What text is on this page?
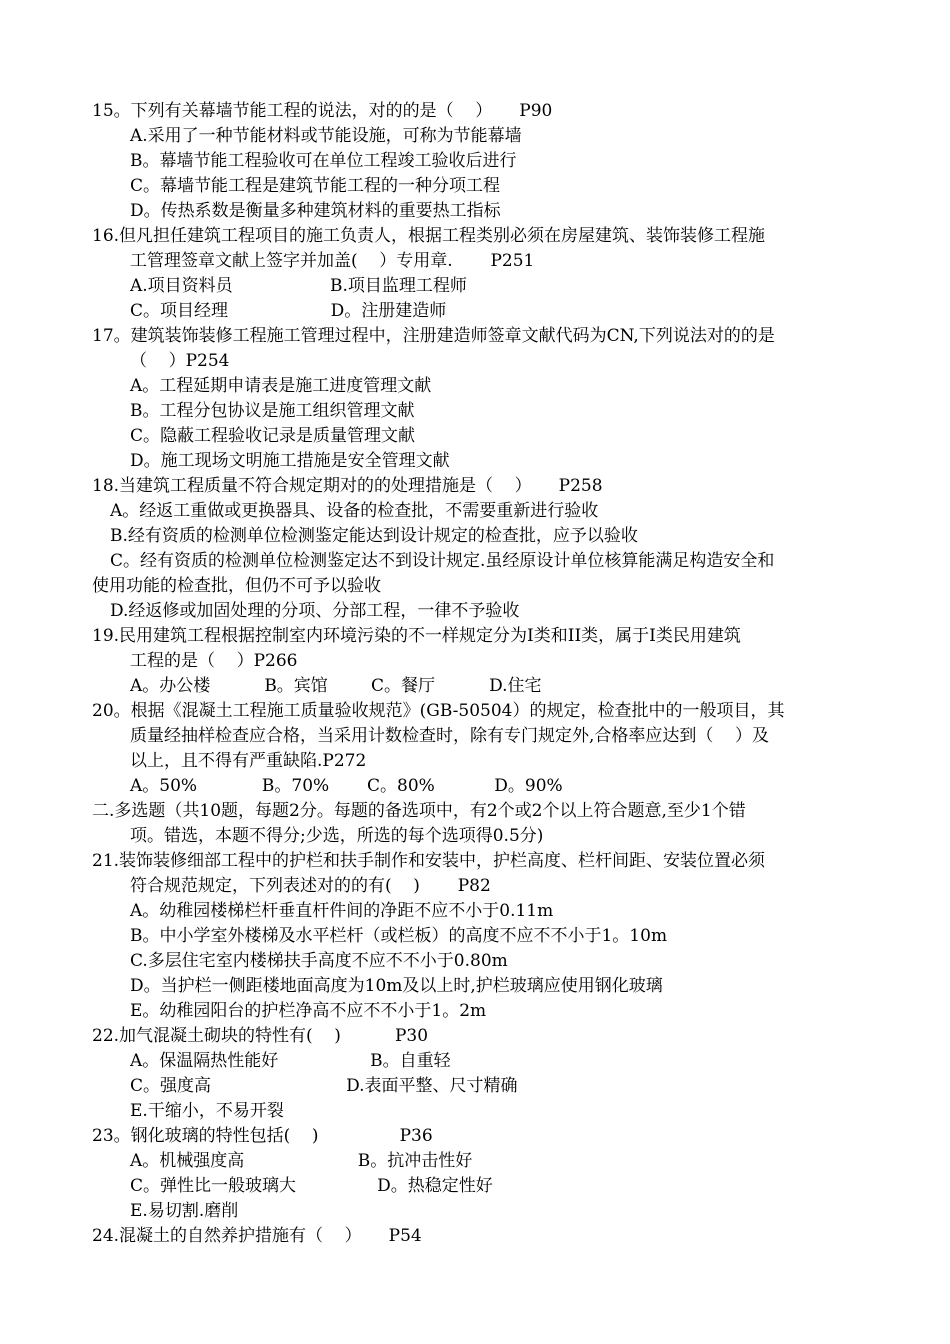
15。下列有关幕墙节能工程的说法，对的的是（    ）     P90
A.采用了一种节能材料或节能设施，可称为节能幕墙
B。幕墙节能工程验收可在单位工程竣工验收后进行
C。幕墙节能工程是建筑节能工程的一种分项工程
D。传热系数是衡量多种建筑材料的重要热工指标
16.但凡担任建筑工程项目的施工负责人，根据工程类别必须在房屋建筑、装饰装修工程施
工管理签章文献上签字并加盖(    ）专用章.       P251
A.项目资料员                  B.项目监理工程师
C。项目经理                   D。注册建造师
17。建筑装饰装修工程施工管理过程中，注册建造师签章文献代码为CN,下列说法对的的是
（    ）P254
A。工程延期申请表是施工进度管理文献
B。工程分包协议是施工组织管理文献
C。隐蔽工程验收记录是质量管理文献
D。施工现场文明施工措施是安全管理文献
18.当建筑工程质量不符合规定期对的的处理措施是（    ）     P258
A。经返工重做或更换器具、设备的检查批，不需要重新进行验收
B.经有资质的检测单位检测鉴定能达到设计规定的检查批，应予以验收
C。经有资质的检测单位检测鉴定达不到设计规定.虽经原设计单位核算能满足构造安全和
使用功能的检查批，但仍不可予以验收
D.经返修或加固处理的分项、分部工程，一律不予验收
19.民用建筑工程根据控制室内环境污染的不一样规定分为I类和II类，属于I类民用建筑
工程的是（    ）P266
A。办公楼          B。宾馆        C。餐厅          D.住宅
20。根据《混凝土工程施工质量验收规范》(GB-50504）的规定，检查批中的一般项目，其
质量经抽样检查应合格，当采用计数检查时，除有专门规定外,合格率应达到（    ）及
以上，且不得有严重缺陷.P272
A。50%            B。70%       C。80%           D。90%
二.多选题（共10题，每题2分。每题的备选项中，有2个或2个以上符合题意,至少1个错
项。错选，本题不得分;少选，所选的每个选项得0.5分)
21.装饰装修细部工程中的护栏和扶手制作和安装中，护栏高度、栏杆间距、安装位置必须
符合规范规定，下列表述对的的有(    )       P82
A。幼稚园楼梯栏杆垂直杆件间的净距不应不小于0.11m
B。中小学室外楼梯及水平栏杆（或栏板）的高度不应不不小于1。10m
C.多层住宅室内楼梯扶手高度不应不不小于0.80m
D。当护栏一侧距楼地面高度为10m及以上时,护栏玻璃应使用钢化玻璃
E。幼稚园阳台的护栏净高不应不不小于1。2m
22.加气混凝土砌块的特性有(    )          P30
A。保温隔热性能好                 B。自重轻
C。强度高                         D.表面平整、尺寸精确
E.干缩小，不易开裂
23。钢化玻璃的特性包括(    )               P36
A。机械强度高                     B。抗冲击性好
C。弹性比一般玻璃大               D。热稳定性好
E.易切割.磨削
24.混凝土的自然养护措施有（    ）     P54
